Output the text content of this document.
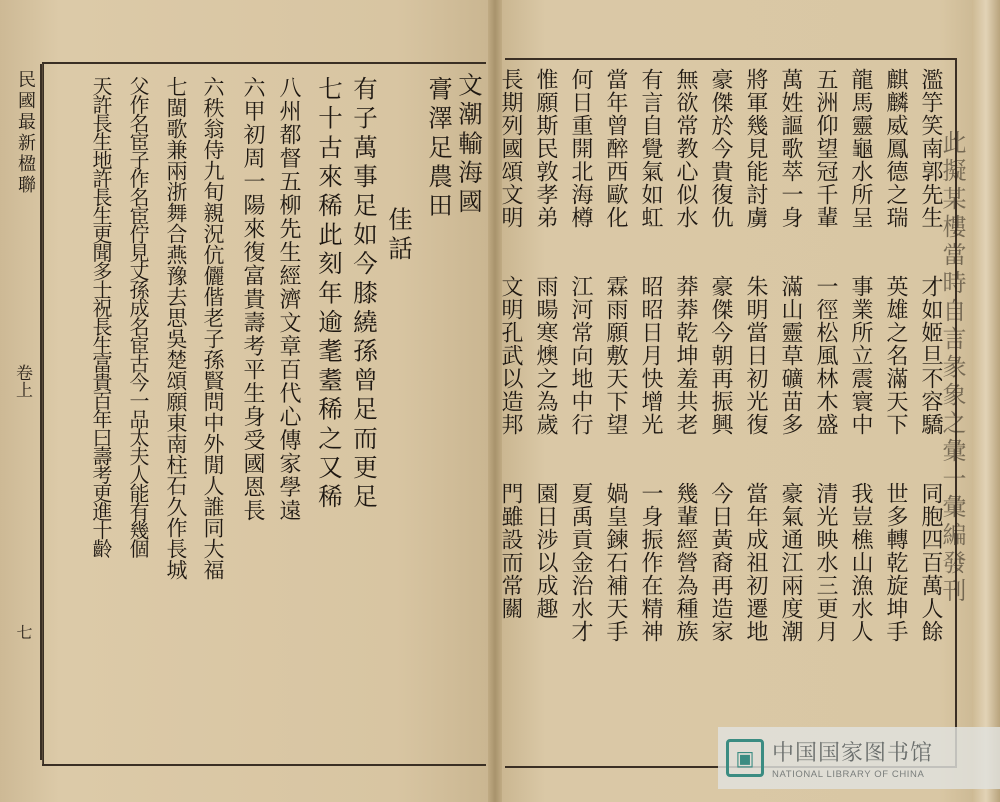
民國最新楹聯
卷上
七
文潮輸海國
膏澤足農田
　　佳話
有子萬事足如今膝繞孫曾足而更足
七十古來稀此刻年逾耄耋稀之又稀
八州都督五柳先生經濟文章百代心傳家學遠
六甲初周一陽來復富貴壽考平生身受國恩長
六秩翁侍九旬親況伉儷偕老子孫賢問中外閒人誰同大福
七閩歌兼兩浙舞合燕豫去思吳楚頌願東南柱石久作長城
父作名宦子作名宦佇見丈孫成名宦古今一品太夫人能有幾個
天許長生地許長生更聞多士祝長生富貴百年曰壽考更進十齡	濫竽笑南郭先生　　才如姬旦不容驕　　同胞四百萬人餘
麒麟威鳳德之瑞　　英雄之名滿天下　　世多轉乾旋坤手
龍馬靈龜水所呈　　事業所立震寰中　　我豈樵山漁水人
五洲仰望冠千輩　　一徑松風林木盛　　清光映水三更月
萬姓謳歌萃一身　　滿山靈草礦苗多　　豪氣通江兩度潮
將軍幾見能討虜　　朱明當日初光復　　當年成祖初遷地
豪傑於今貴復仇　　豪傑今朝再振興　　今日黃裔再造家
無欲常教心似水　　莽莽乾坤羞共老　　幾輩經營為種族
有言自覺氣如虹　　昭昭日月快增光　　一身振作在精神
當年曾醉西歐化　　霖雨願敷天下望　　媧皇鍊石補天手
何日重開北海樽　　江河常向地中行　　夏禹貢金治水才
惟願斯民敦孝弟　　雨暘寒燠之為歲　　園日涉以成趣
長期列國頌文明　　文明孔武以造邦　　門雖設而常關	此擬某樓當時自言彖象之彙一彙編發刊
▣ 中国国家图书馆
NATIONAL LIBRARY OF CHINA
